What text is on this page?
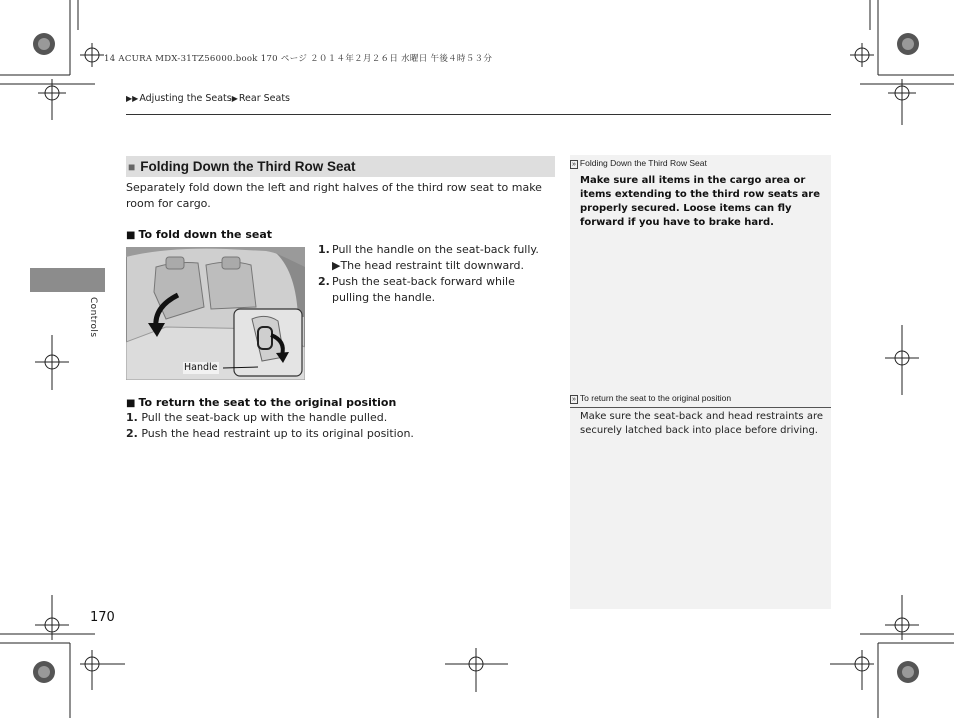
14 ACURA MDX-31TZ56000.book 170 ページ ２０１４年２月２６日 水曜日 午後４時５３分
▶▶Adjusting the Seats▶Rear Seats
Controls
■ Folding Down the Third Row Seat
Separately fold down the left and right halves of the third row seat to make room for cargo.
■ To fold down the seat
Handle
1. Pull the handle on the seat-back fully.
▶The head restraint tilt downward.
2. Push the seat-back forward while pulling the handle.
■ To return the seat to the original position
1. Pull the seat-back up with the handle pulled.
2. Push the head restraint up to its original position.
» Folding Down the Third Row Seat
Make sure all items in the cargo area or items extending to the third row seats are properly secured. Loose items can fly forward if you have to brake hard.
» To return the seat to the original position
Make sure the seat-back and head restraints are securely latched back into place before driving.
170
